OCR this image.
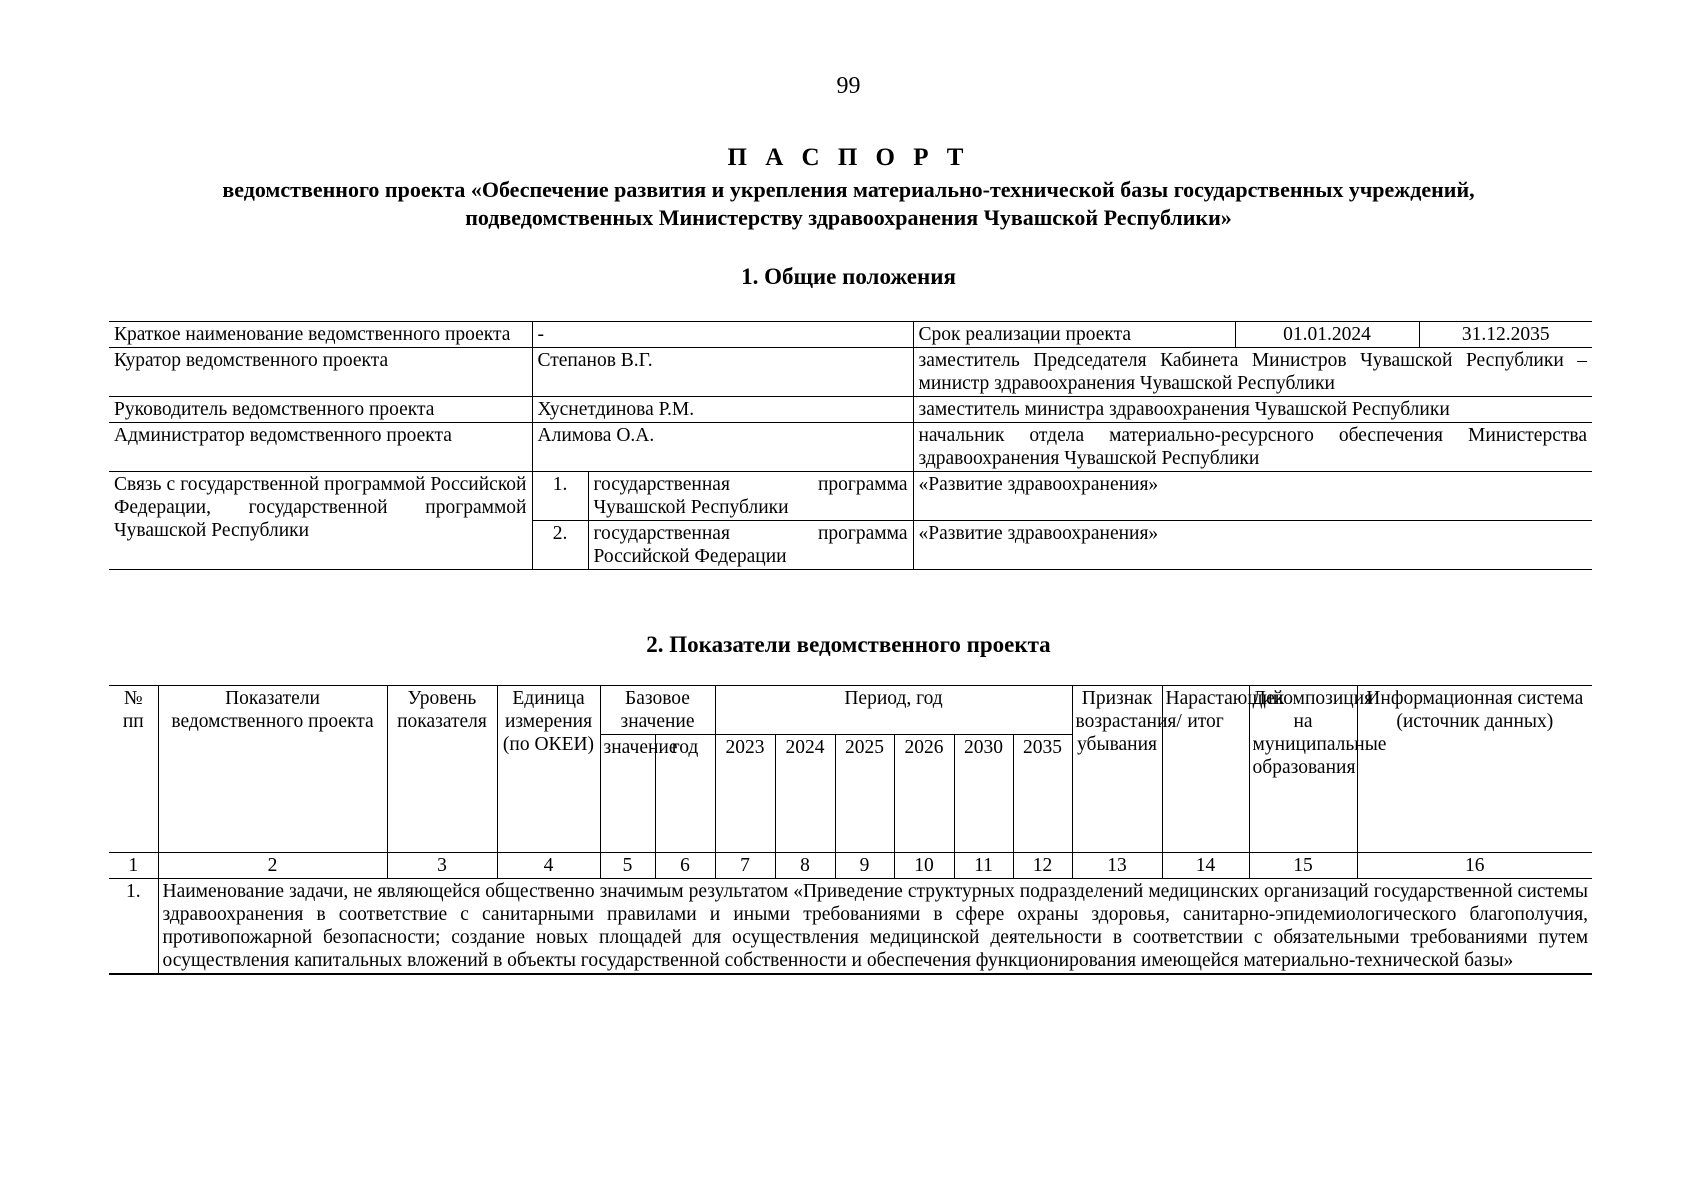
99
П А С П О Р Т
ведомственного проекта «Обеспечение развития и укрепления материально-технической базы государственных учреждений, подведомственных Министерству здравоохранения Чувашской Республики»
1. Общие положения
Краткое наименование ведомственного проекта	-		Срок реализации проекта	01.01.2024	31.12.2035
Куратор ведомственного проекта	Степанов В.Г.		заместитель Председателя Кабинета Министров Чувашской Республики – министр здравоохранения Чувашской Республики		
Руководитель ведомственного проекта	Хуснетдинова Р.М.		заместитель министра здравоохранения Чувашской Республики		
Администратор ведомственного проекта	Алимова О.А.		начальник отдела материально-ресурсного обеспечения Министерства здравоохранения Чувашской Республики		
Связь с государственной программой Российской Федерации, государственной программой Чувашской Республики	1.	государственная программа Чувашской Республики	«Развитие здравоохранения»		
	2.	государственная программа Российской Федерации	«Развитие здравоохранения»		
2. Показатели ведомственного проекта
№ пп	Показатели ведомственного проекта	Уровень показателя	Единица измерения (по ОКЕИ)	Базовое значение		Период, год						Признак возрастания/ убывания	Нарастающий итог	Декомпозиция на муниципальные образования	Информационная система (источник данных)
				значение	год	2023	2024	2025	2026	2030	2035				
1	2	3	4	5	6	7	8	9	10	11	12	13	14	15	16
1.	Наименование задачи, не являющейся общественно значимым результатом «Приведение структурных подразделений медицинских организаций государственной системы здравоохранения в соответствие с санитарными правилами и иными требованиями в сфере охраны здоровья, санитарно-эпидемиологического благополучия, противопожарной безопасности; создание новых площадей для осуществления медицинской деятельности в соответствии с обязательными требованиями путем осуществления капитальных вложений в объекты государственной собственности и обеспечения функционирования имеющейся материально-технической базы»														
